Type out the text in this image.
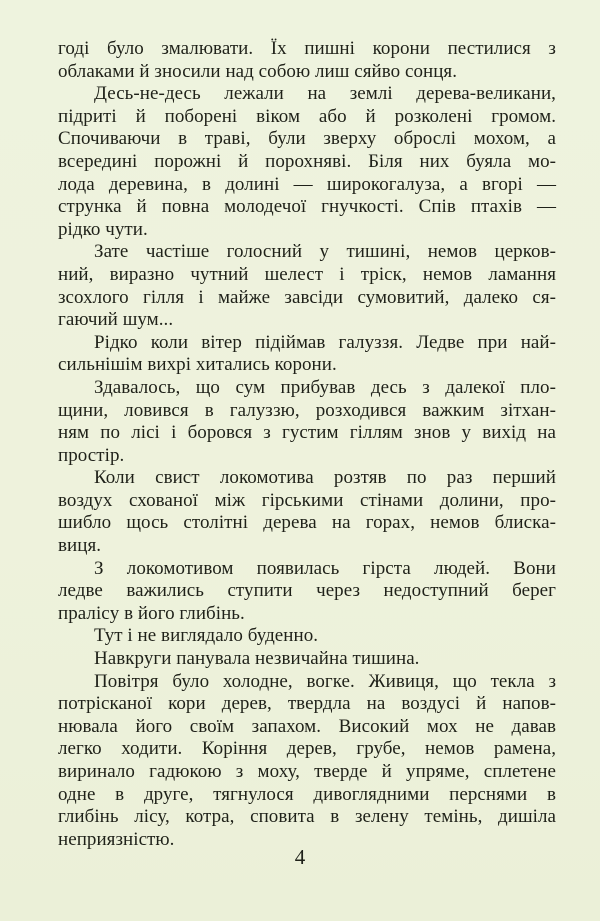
годі було змалювати. Їх пишні корони пестилися з
облаками й зносили над собою лиш сяйво сонця.
Десь-не-десь лежали на землі дерева-великани,
підриті й поборені віком або й розколені громом.
Спочиваючи в траві, були зверху оброслі мохом, а
всередині порожні й порохняві. Біля них буяла мо-
лода деревина, в долині — широкогалуза, а вгорі —
струнка й повна молодечої гнучкості. Спів птахів —
рідко чути.
Зате частіше голосний у тишині, немов церков-
ний, виразно чутний шелест і тріск, немов ламання
зсохлого гілля і майже завсіди сумовитий, далеко ся-
гаючий шум...
Рідко коли вітер підіймав галуззя. Ледве при най-
сильнішім вихрі хитались корони.
Здавалось, що сум прибував десь з далекої пло-
щини, ловився в галуззю, розходився важким зітхан-
ням по лісі і боровся з густим гіллям знов у вихід на
простір.
Коли свист локомотива розтяв по раз перший
воздух схованої між гірськими стінами долини, про-
шибло щось столітні дерева на горах, немов блиска-
виця.
З локомотивом появилась гірста людей. Вони
ледве важились ступити через недоступний берег
праліcу в його глибінь.
Тут і не виглядало буденно.
Навкруги панувала незвичайна тишина.
Повітря було холодне, вогке. Живиця, що текла з
потрісканої кори дерев, твердла на воздусі й напов-
нювала його своїм запахом. Високий мох не давав
легко ходити. Коріння дерев, грубе, немов рамена,
виринало гадюкою з моху, тверде й упряме, сплетене
одне в друге, тягнулося дивоглядними перснями в
глибінь лісу, котра, сповита в зелену темінь, дишіла
неприязністю.
4
